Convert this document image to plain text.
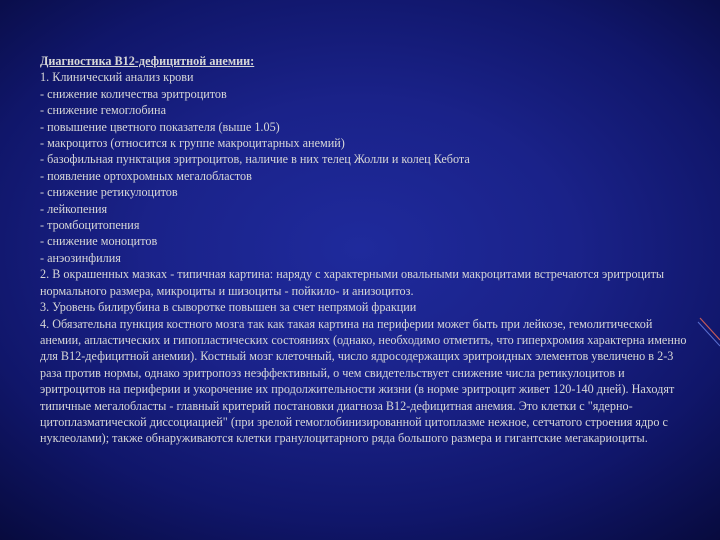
Диагностика В12-дефицитной анемии:
1. Клинический анализ крови
- снижение количества эритроцитов
- снижение гемоглобина
- повышение цветного показателя (выше 1.05)
- макроцитоз (относится к группе макроцитарных анемий)
- базофильная пунктация эритроцитов, наличие в них телец Жолли и колец Кебота
- появление ортохромных мегалобластов
- снижение ретикулоцитов
- лейкопения
- тромбоцитопения
- снижение моноцитов
- анэозинфилия
2. В окрашенных мазках - типичная картина: наряду с характерными овальными макроцитами встречаются эритроциты нормального размера, микроциты и шизоциты - пойкило- и анизоцитоз.
3. Уровень билирубина в сыворотке повышен за счет непрямой фракции
4. Обязательна пункция костного мозга так как такая картина на периферии может быть при лейкозе, гемолитической анемии, апластических и гипопластических состояниях (однако, необходимо отметить, что гиперхромия характерна именно для В12-дефицитной анемии). Костный мозг клеточный, число ядросодержащих эритроидных элементов увеличено в 2-3 раза против нормы, однако эритропоэз неэффективный, о чем свидетельствует снижение числа ретикулоцитов и эритроцитов на периферии и укорочение их продолжительности жизни (в норме эритроцит живет 120-140 дней). Находят типичные мегалобласты - главный критерий постановки диагноза В12-дефицитная анемия. Это клетки с "ядерно-цитоплазматической диссоциацией" (при зрелой гемоглобинизированной цитоплазме нежное, сетчатого строения ядро с нуклеолами); также обнаруживаются клетки гранулоцитарного ряда большого размера и гигантские мегакариоциты.
